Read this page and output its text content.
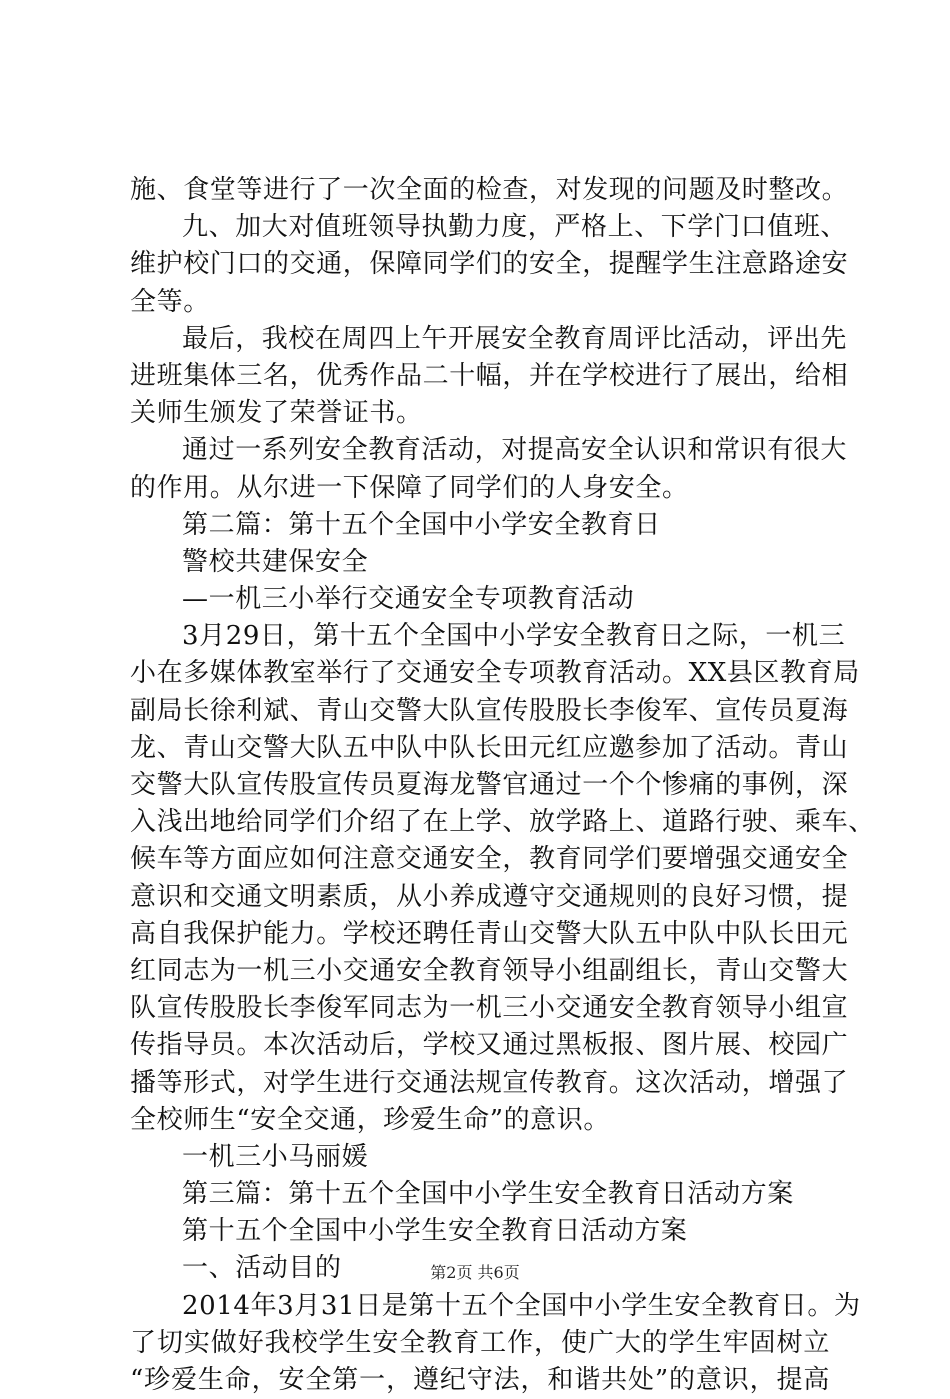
施、食堂等进行了一次全面的检查，对发现的问题及时整改。
九、加大对值班领导执勤力度，严格上、下学门口值班、
维护校门口的交通，保障同学们的安全，提醒学生注意路途安
全等。
最后，我校在周四上午开展安全教育周评比活动，评出先
进班集体三名，优秀作品二十幅，并在学校进行了展出，给相
关师生颁发了荣誉证书。
通过一系列安全教育活动，对提高安全认识和常识有很大
的作用。从尔进一下保障了同学们的人身安全。
第二篇：第十五个全国中小学安全教育日
警校共建保安全
—一机三小举行交通安全专项教育活动
3月29日，第十五个全国中小学安全教育日之际，一机三
小在多媒体教室举行了交通安全专项教育活动。XX县区教育局
副局长徐利斌、青山交警大队宣传股股长李俊军、宣传员夏海
龙、青山交警大队五中队中队长田元红应邀参加了活动。青山
交警大队宣传股宣传员夏海龙警官通过一个个惨痛的事例，深
入浅出地给同学们介绍了在上学、放学路上、道路行驶、乘车、
候车等方面应如何注意交通安全，教育同学们要增强交通安全
意识和交通文明素质，从小养成遵守交通规则的良好习惯，提
高自我保护能力。学校还聘任青山交警大队五中队中队长田元
红同志为一机三小交通安全教育领导小组副组长，青山交警大
队宣传股股长李俊军同志为一机三小交通安全教育领导小组宣
传指导员。本次活动后，学校又通过黑板报、图片展、校园广
播等形式，对学生进行交通法规宣传教育。这次活动，增强了
全校师生“安全交通，珍爱生命”的意识。
一机三小马丽媛
第三篇：第十五个全国中小学生安全教育日活动方案
第十五个全国中小学生安全教育日活动方案
一、活动目的
2014年3月31日是第十五个全国中小学生安全教育日。为
了切实做好我校学生安全教育工作，使广大的学生牢固树立
“珍爱生命，安全第一，遵纪守法，和谐共处”的意识，提高
第2页 共6页
